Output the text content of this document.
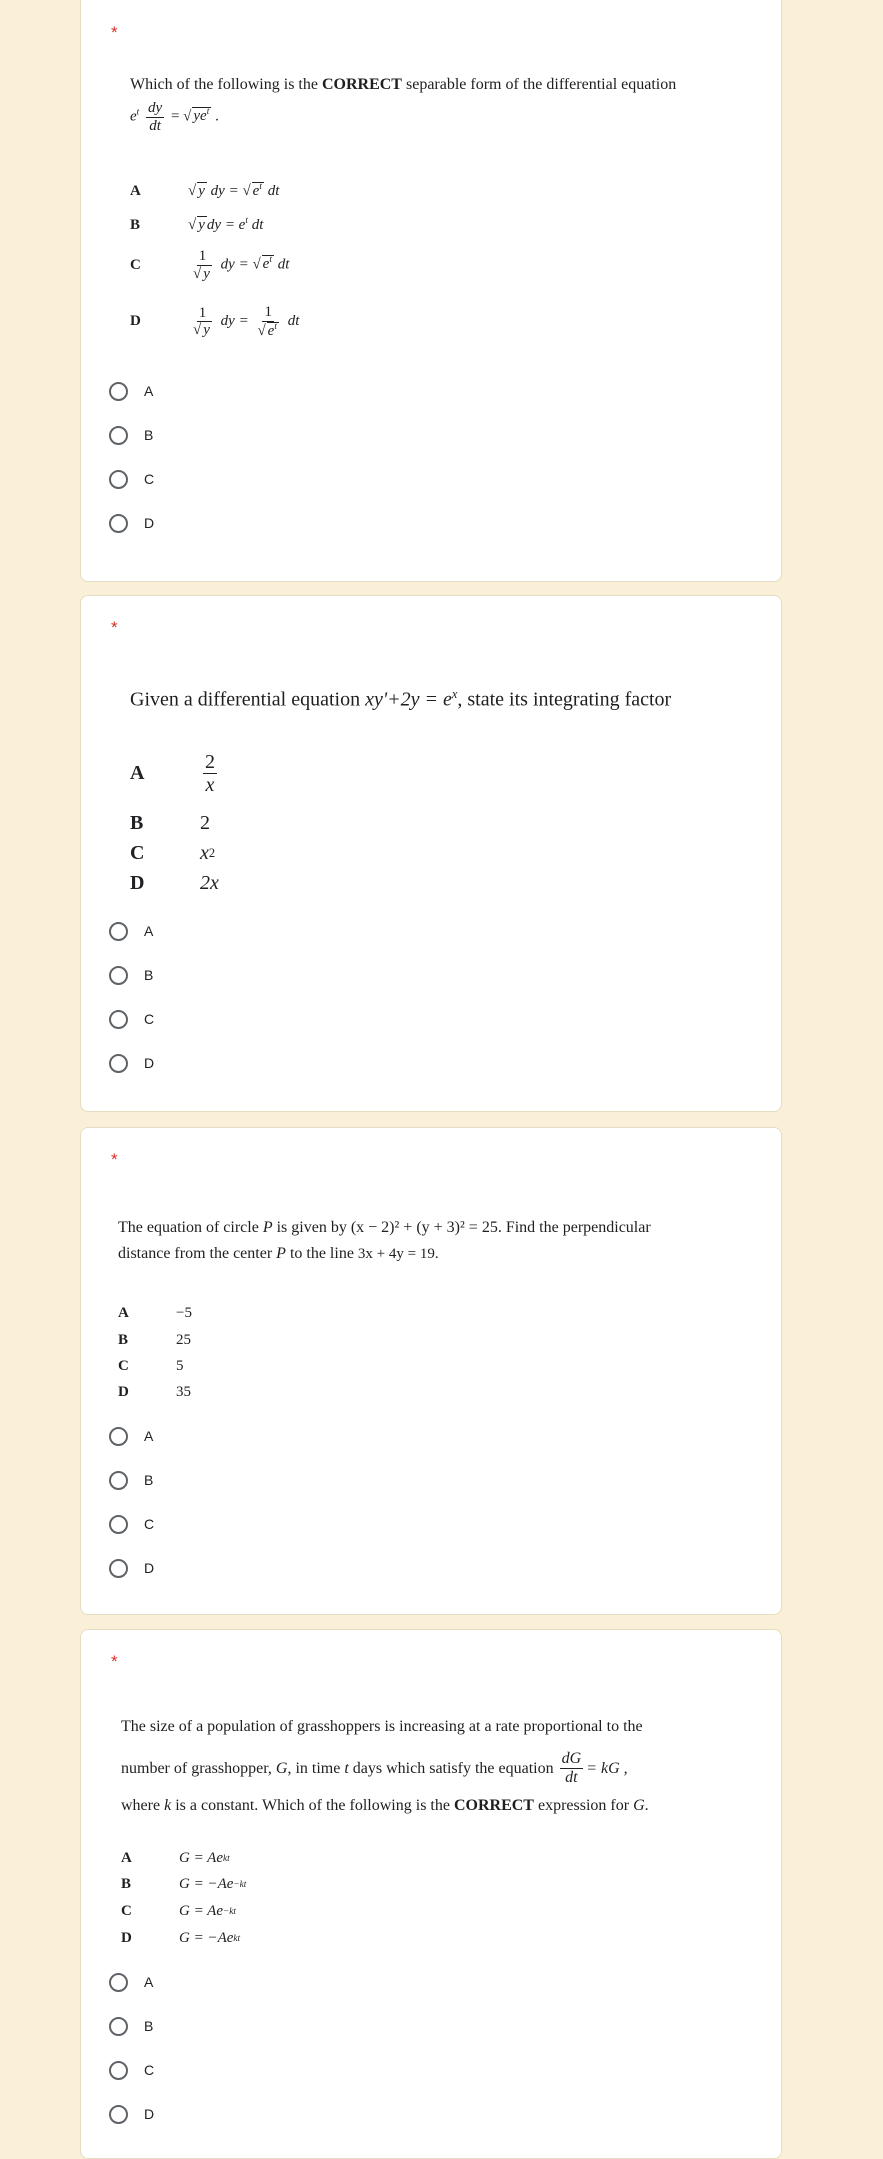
*
Which of the following is the CORRECT separable form of the differential equation
$e^t \frac{dy}{dt}$ = √ $ye^t$ .
A	√ y dy = √ $e^t$ dt
B	√ y dy = $e^t$ dt
C	$\frac{1}{√ y}$ dy = √ $e^t$ dt
D	$\frac{1}{√ y}$ dy = $\frac{1}{√ e^t}$ dt
A
B
C
D
*
Given a differential equation $xy'+2y = e^x$, state its integrating factor
A	$\frac{2}{x}$
B	2
C	x 2
D	2x
A
B
C
D
*
The equation of circle P is given by (x − 2)² + (y + 3)² = 25. Find the perpendicular
distance from the center P to the line 3x + 4y = 19.
A	−5
B	25
C	5
D	35
A
B
C
D
*
The size of a population of grasshoppers is increasing at a rate proportional to the
number of grasshopper,
G , in time
t
days which satisfy the equation $\frac{dG}{dt}$ = kG ,
where k is a constant. Which of the following is the CORRECT expression for G.
A	G = Ae kt
B	G = −Ae −kt
C	G = Ae −kt
D	G = −Ae kt
A
B
C
D
